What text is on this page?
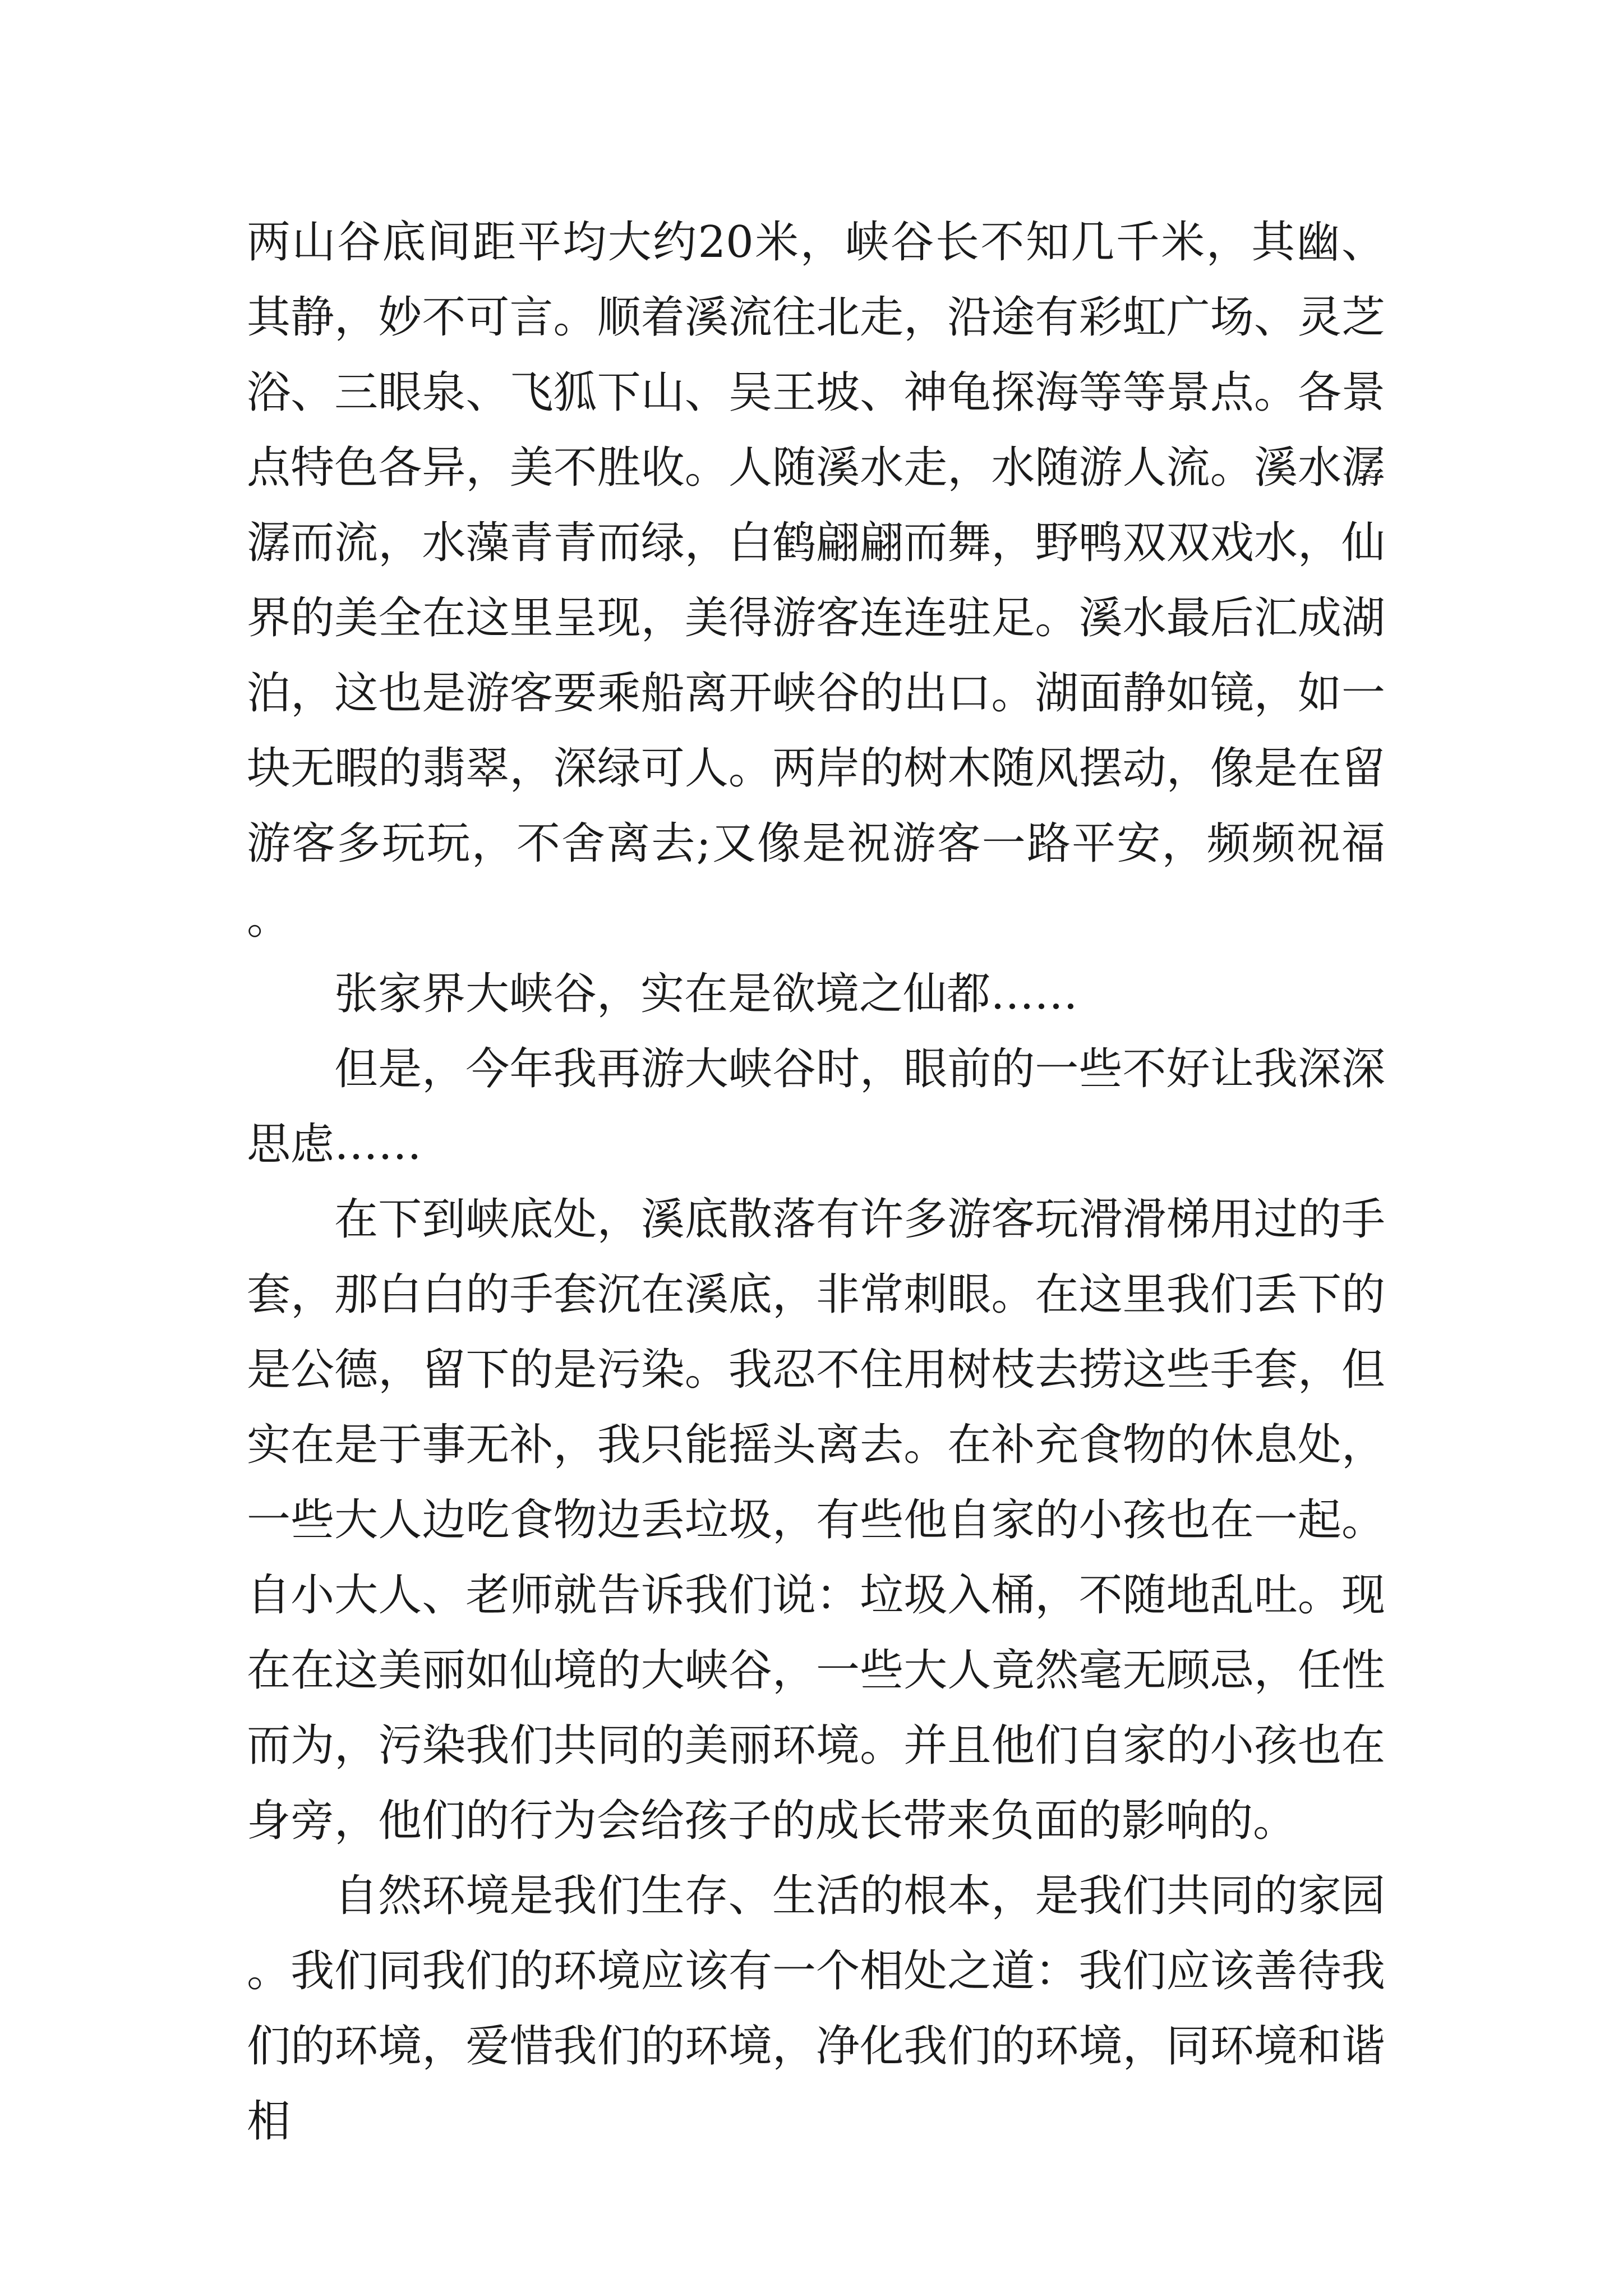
两山谷底间距平均大约20米，峡谷长不知几千米，其幽、其静，妙不可言。顺着溪流往北走，沿途有彩虹广场、灵芝浴、三眼泉、飞狐下山、吴王坡、神龟探海等等景点。各景点特色各异，美不胜收。人随溪水走，水随游人流。溪水潺潺而流，水藻青青而绿，白鹤翩翩而舞，野鸭双双戏水，仙界的美全在这里呈现，美得游客连连驻足。溪水最后汇成湖泊，这也是游客要乘船离开峡谷的出口。湖面静如镜，如一块无暇的翡翠，深绿可人。两岸的树木随风摆动，像是在留游客多玩玩，不舍离去;又像是祝游客一路平安，频频祝福。

张家界大峡谷，实在是欲境之仙都……

但是，今年我再游大峡谷时，眼前的一些不好让我深深思虑……

在下到峡底处，溪底散落有许多游客玩滑滑梯用过的手套，那白白的手套沉在溪底，非常刺眼。在这里我们丢下的是公德，留下的是污染。我忍不住用树枝去捞这些手套，但实在是于事无补，我只能摇头离去。在补充食物的休息处，一些大人边吃食物边丢垃圾，有些他自家的小孩也在一起。自小大人、老师就告诉我们说：垃圾入桶，不随地乱吐。现在在这美丽如仙境的大峡谷，一些大人竟然毫无顾忌，任性而为，污染我们共同的美丽环境。并且他们自家的小孩也在身旁，他们的行为会给孩子的成长带来负面的影响的。

自然环境是我们生存、生活的根本，是我们共同的家园。我们同我们的环境应该有一个相处之道：我们应该善待我们的环境，爱惜我们的环境，净化我们的环境，同环境和谐相
